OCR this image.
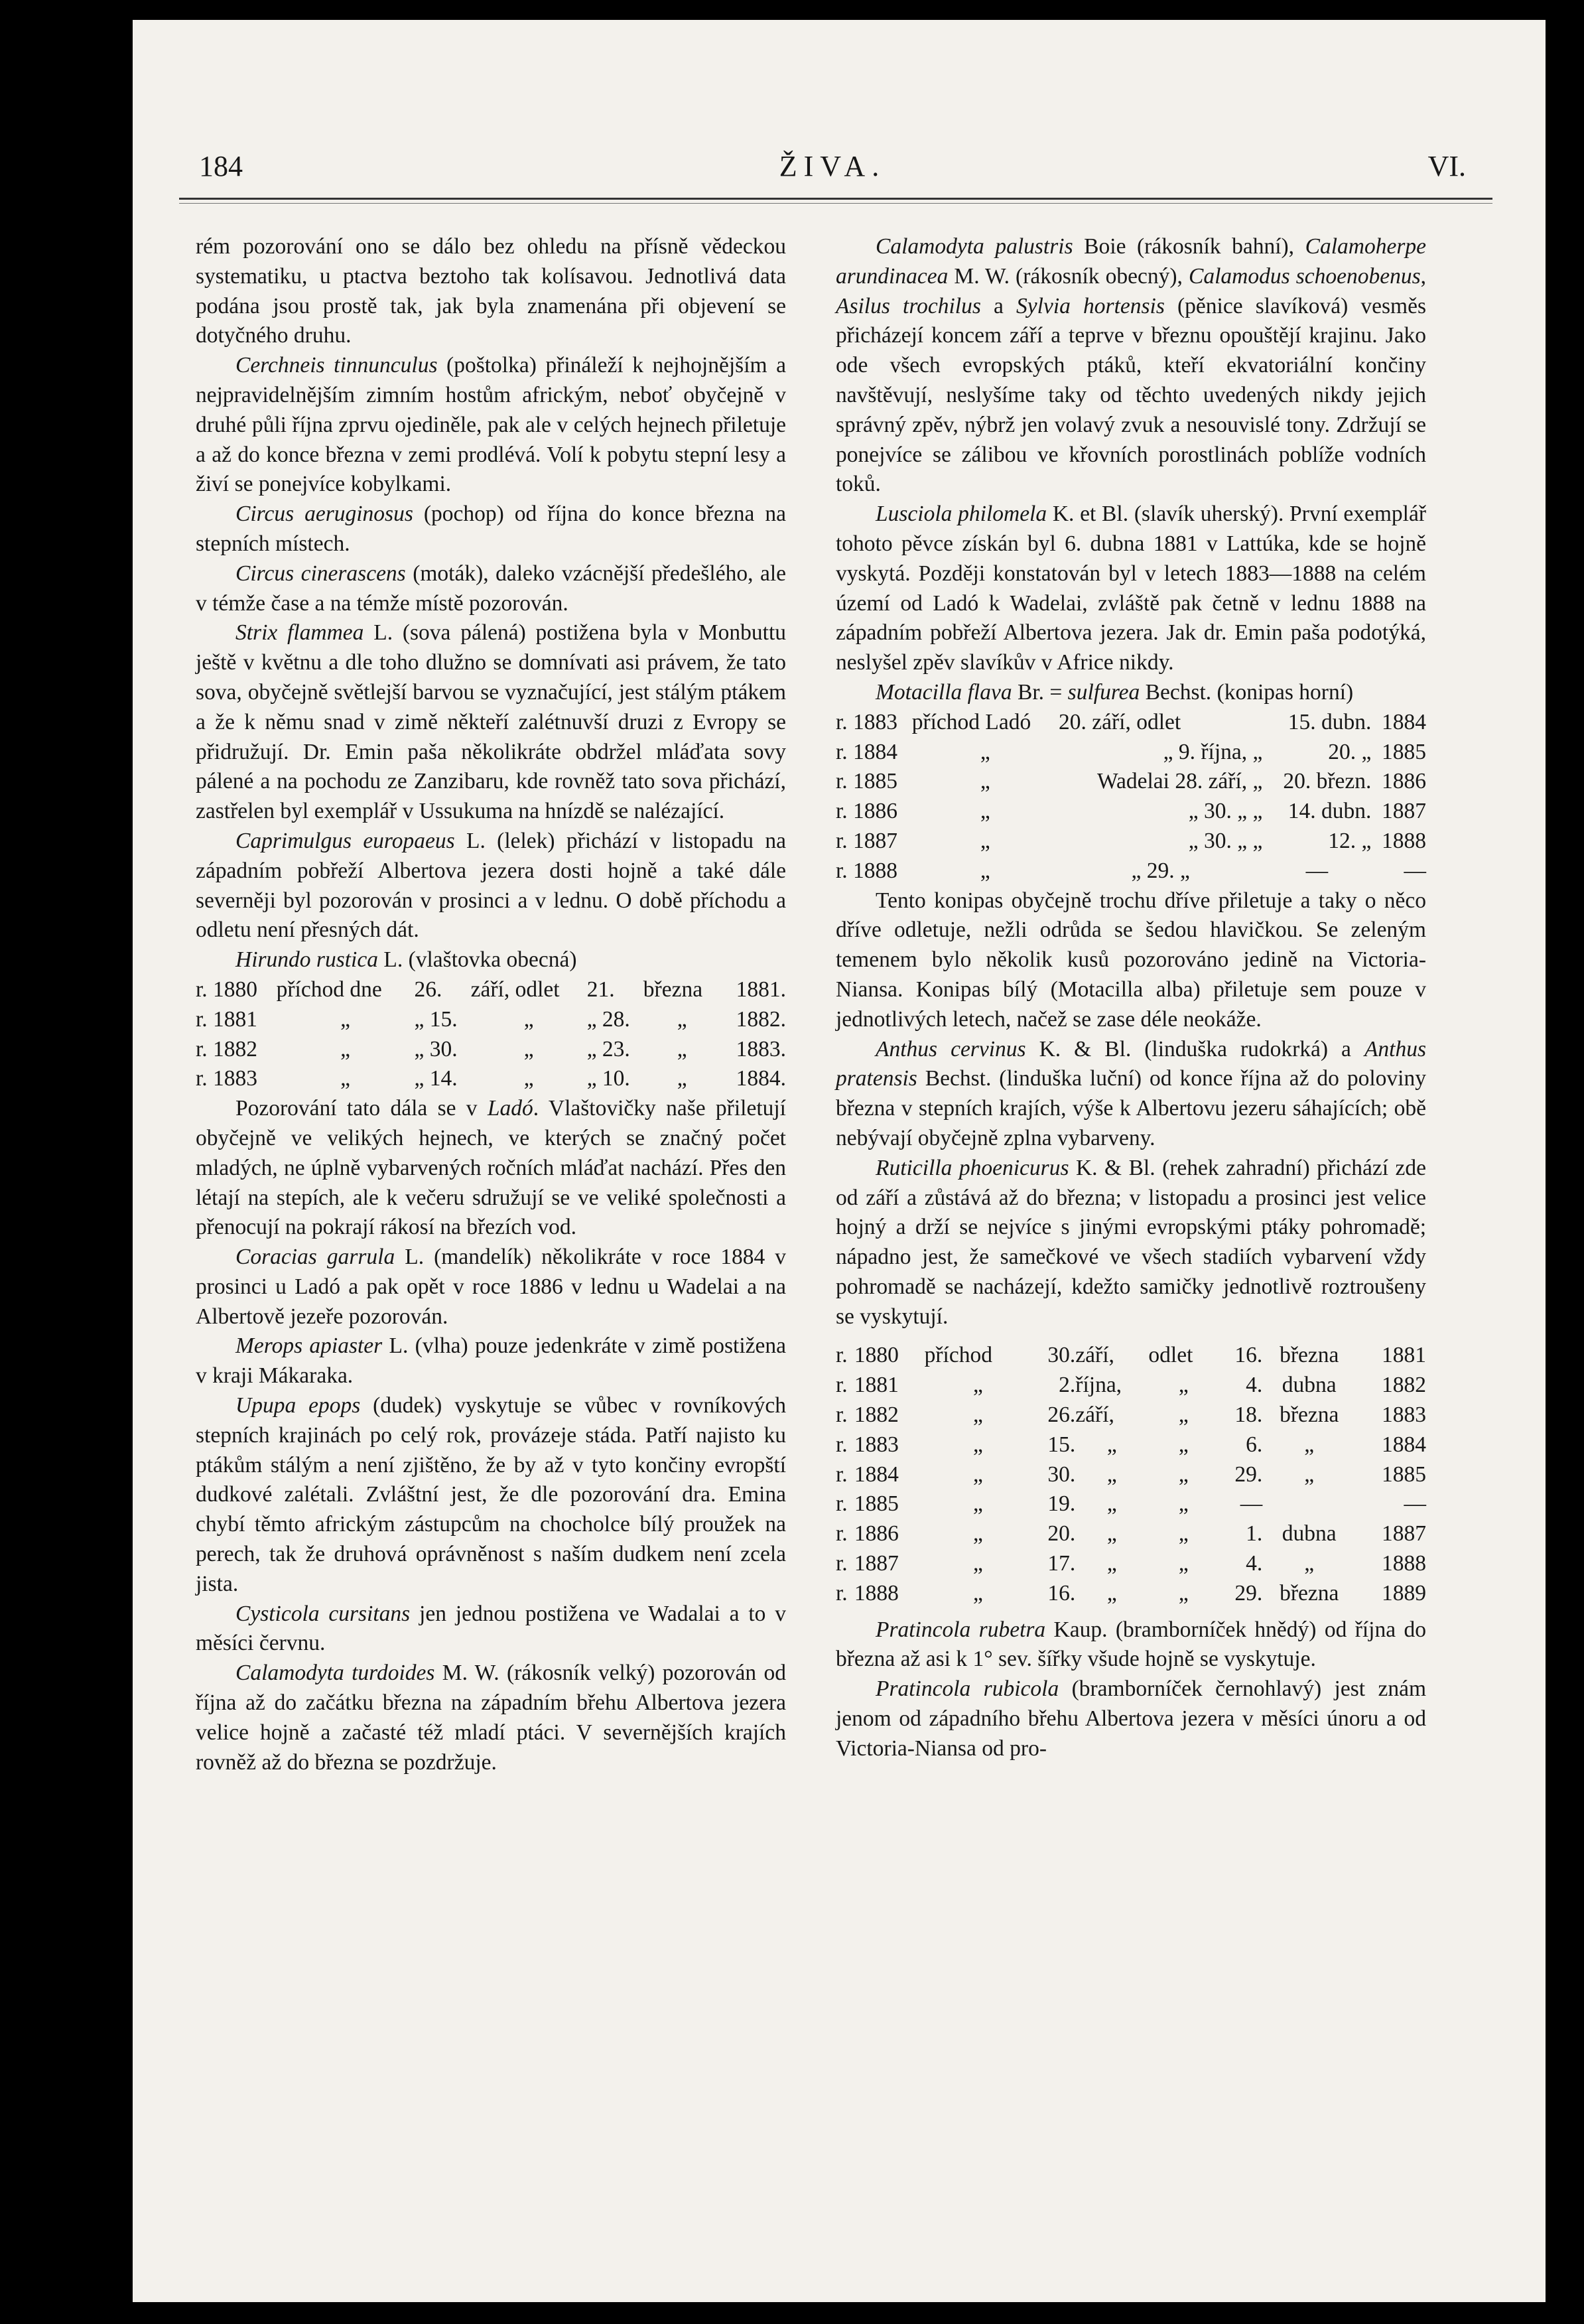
184	ŽIVA.	VI.

rém pozorování ono se dálo bez ohledu na přísně vědeckou systematiku, u ptactva beztoho tak kolísavou. Jednotlivá data podána jsou prostě tak, jak byla znamenána při objevení se dotyčného druhu.

Cerchneis tinnunculus (poštolka) přináleží k nejhojnějším a nejpravidelnějším zimním hostům africkým, neboť obyčejně v druhé půli října zprvu ojediněle, pak ale v celých hejnech přiletuje a až do konce března v zemi prodlévá. Volí k pobytu stepní lesy a živí se ponejvíce kobylkami.

Circus aeruginosus (pochop) od října do konce března na stepních místech.

Circus cinerascens (moták), daleko vzácnější předešlého, ale v témže čase a na témže místě pozorován.

Strix flammea L. (sova pálená) postižena byla v Monbuttu ještě v květnu a dle toho dlužno se domnívati asi právem, že tato sova, obyčejně světlejší barvou se vyznačující, jest stálým ptákem a že k němu snad v zimě někteří zalétnuvší druzi z Evropy se přidružují. Dr. Emin paša několikráte obdržel mláďata sovy pálené a na pochodu ze Zanzibaru, kde rovněž tato sova přichází, zastřelen byl exemplář v Ussukuma na hnízdě se nalézající.

Caprimulgus europaeus L. (lelek) přichází v listopadu na západním pobřeží Albertova jezera dosti hojně a také dále severněji byl pozorován v prosinci a v lednu. O době příchodu a odletu není přesných dát.

Hirundo rustica L. (vlaštovka obecná)

r. 1880	příchod dne	26.	září, odlet	21.	března	1881.
r. 1881	„	„ 15.	„	„ 28.	„	1882.
r. 1882	„	„ 30.	„	„ 23.	„	1883.
r. 1883	„	„ 14.	„	„ 10.	„	1884.

Pozorování tato dála se v Ladó. Vlaštovičky naše přiletují obyčejně ve velikých hejnech, ve kterých se značný počet mladých, ne úplně vybarvených ročních mláďat nachází. Přes den létají na stepích, ale k večeru sdružují se ve veliké společnosti a přenocují na pokrají rákosí na březích vod.

Coracias garrula L. (mandelík) několikráte v roce 1884 v prosinci u Ladó a pak opět v roce 1886 v lednu u Wadelai a na Albertově jezeře pozorován.

Merops apiaster L. (vlha) pouze jedenkráte v zimě postižena v kraji Mákaraka.

Upupa epops (dudek) vyskytuje se vůbec v rovníkových stepních krajinách po celý rok, provázeje stáda. Patří najisto ku ptákům stálým a není zjištěno, že by až v tyto končiny evropští dudkové zalétali. Zvláštní jest, že dle pozorování dra. Emina chybí těmto africkým zástupcům na chocholce bílý proužek na perech, tak že druhová oprávněnost s naším dudkem není zcela jista.

Cysticola cursitans jen jednou postižena ve Wadalai a to v měsíci červnu.

Calamodyta turdoides M. W. (rákosník velký) pozorován od října až do začátku března na západním břehu Albertova jezera velice hojně a začasté též mladí ptáci. V severnějších krajích rovněž až do března se pozdržuje.

Calamodyta palustris Boie (rákosník bahní), Calamoherpe arundinacea M. W. (rákosník obecný), Calamodus schoenobenus, Asilus trochilus a Sylvia hortensis (pěnice slavíková) vesměs přicházejí koncem září a teprve v březnu opouštějí krajinu. Jako ode všech evropských ptáků, kteří ekvatoriální končiny navštěvují, neslyšíme taky od těchto uvedených nikdy jejich správný zpěv, nýbrž jen volavý zvuk a nesouvislé tony. Zdržují se ponejvíce se zálibou ve křovních porostlinách poblíže vodních toků.

Lusciola philomela K. et Bl. (slavík uherský). První exemplář tohoto pěvce získán byl 6. dubna 1881 v Lattúka, kde se hojně vyskytá. Později konstatován byl v letech 1883—1888 na celém území od Ladó k Wadelai, zvláště pak četně v lednu 1888 na západním pobřeží Albertova jezera. Jak dr. Emin paša podotýká, neslyšel zpěv slavíkův v Africe nikdy.

Motacilla flava Br. = sulfurea Bechst. (konipas horní)

r. 1883	příchod Ladó	20. září, odlet	15. dubn.	1884
r. 1884	„	„ 9. října, „	20. „	1885
r. 1885	„	Wadelai 28. září, „	20. březn.	1886
r. 1886	„	„ 30. „ „	14. dubn.	1887
r. 1887	„	„ 30. „ „	12. „	1888
r. 1888	„	„ 29. „	—	—

Tento konipas obyčejně trochu dříve přiletuje a taky o něco dříve odletuje, nežli odrůda se šedou hlavičkou. Se zeleným temenem bylo několik kusů pozorováno jedině na Victoria-Niansa. Konipas bílý (Motacilla alba) přiletuje sem pouze v jednotlivých letech, načež se zase déle neokáže.

Anthus cervinus K. & Bl. (linduška rudokrká) a Anthus pratensis Bechst. (linduška luční) od konce října až do poloviny března v stepních krajích, výše k Albertovu jezeru sáhajících; obě nebývají obyčejně zplna vybarveny.

Ruticilla phoenicurus K. & Bl. (rehek zahradní) přichází zde od září a zůstává až do března; v listopadu a prosinci jest velice hojný a drží se nejvíce s jinými evropskými ptáky pohromadě; nápadno jest, že samečkové ve všech stadiích vybarvení vždy pohromadě se nacházejí, kdežto samičky jednotlivě roztroušeny se vyskytují.

r.	1880	příchod	30.	září,	odlet	16.	března	1881
r.	1881	„	2.	října,	„	4.	dubna	1882
r.	1882	„	26.	září,	„	18.	března	1883
r.	1883	„	15.	„	„	6.	„	1884
r.	1884	„	30.	„	„	29.	„	1885
r.	1885	„	19.	„	„	—		—
r.	1886	„	20.	„	„	1.	dubna	1887
r.	1887	„	17.	„	„	4.	„	1888
r.	1888	„	16.	„	„	29.	března	1889

Pratincola rubetra Kaup. (bramborníček hnědý) od října do března až asi k 1° sev. šířky všude hojně se vyskytuje.

Pratincola rubicola (bramborníček černohlavý) jest znám jenom od západního břehu Albertova jezera v měsíci únoru a od Victoria-Niansa od pro-
